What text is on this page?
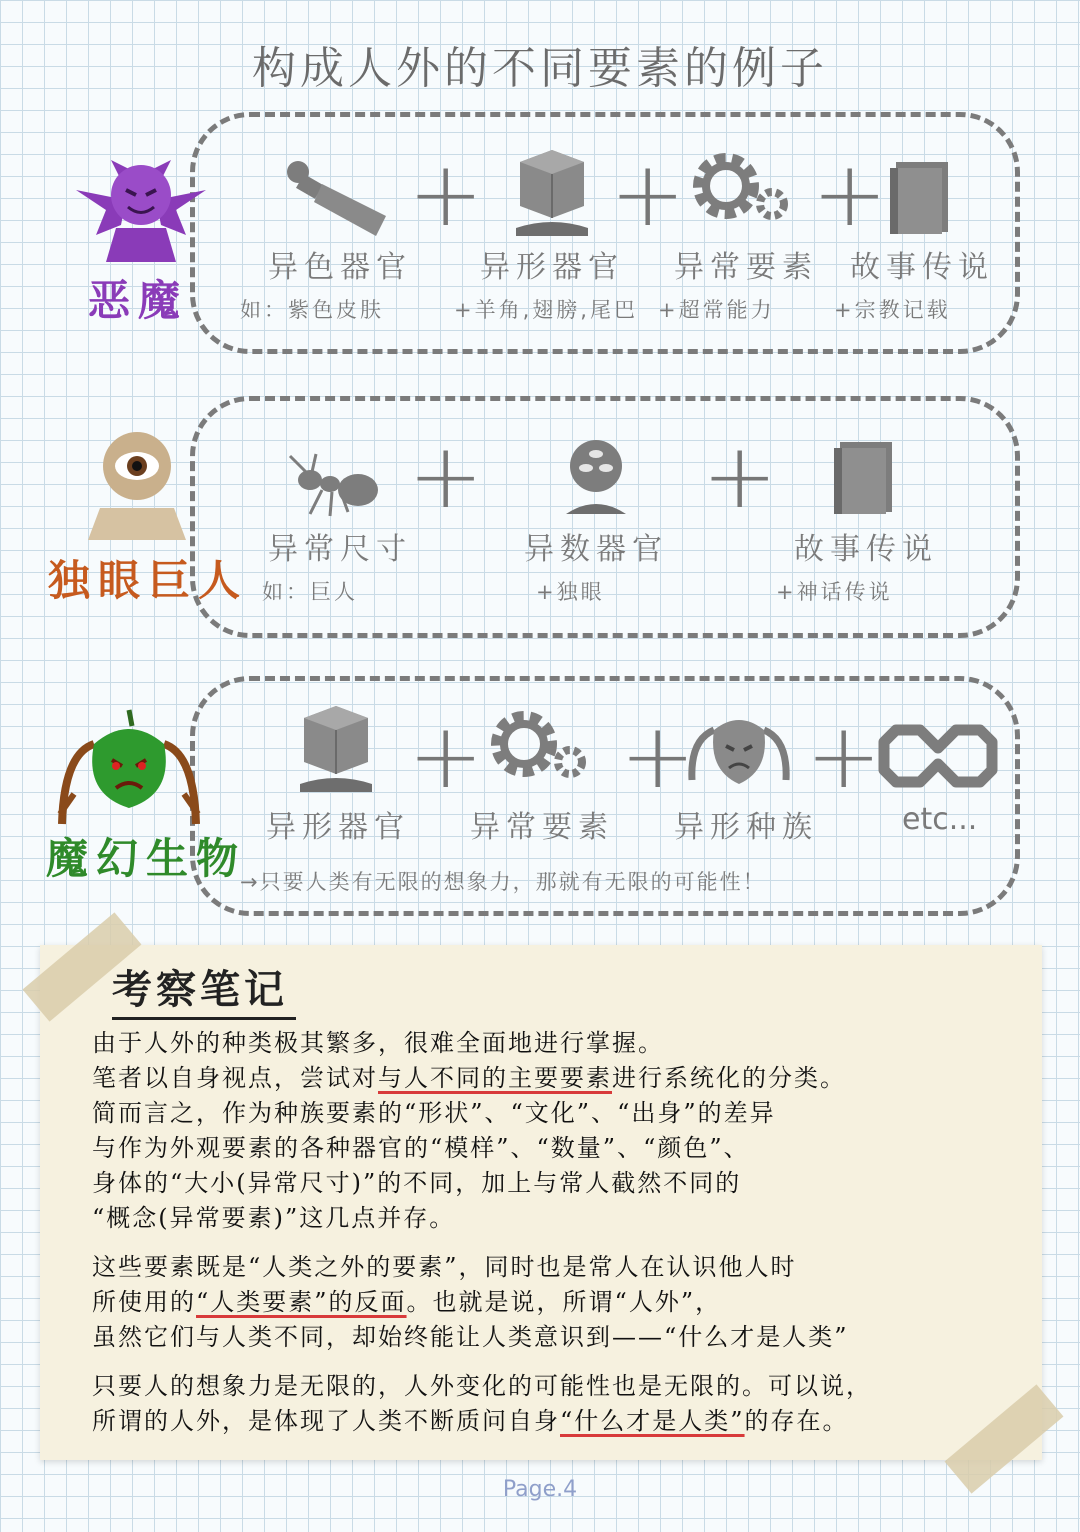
构成人外的不同要素的例子
恶魔
+ + +
异色器官 异形器官 异常要素 故事传说
如：紫色皮肤	+羊角,翅膀,尾巴 +超常能力	+宗教记载
独眼巨人
+ +
异常尺寸	异数器官	故事传说
如：巨人	+独眼	+神话传说
魔幻生物
+ + +
异形器官 异常要素 异形种族	etc...
→只要人类有无限的想象力，那就有无限的可能性！
考察笔记

由于人外的种类极其繁多，很难全面地进行掌握。
笔者以自身视点，尝试对与人不同的主要要素进行系统化的分类。
简而言之，作为种族要素的“形状”、“文化”、“出身”的差异
与作为外观要素的各种器官的“模样”、“数量”、“颜色”、
身体的“大小(异常尺寸)”的不同，加上与常人截然不同的
“概念(异常要素)”这几点并存。

这些要素既是“人类之外的要素”，同时也是常人在认识他人时
所使用的“人类要素”的反面。也就是说，所谓“人外”，
虽然它们与人类不同，却始终能让人类意识到——“什么才是人类”

只要人的想象力是无限的，人外变化的可能性也是无限的。可以说，
所谓的人外，是体现了人类不断质问自身“什么才是人类”的存在。

Page.4
